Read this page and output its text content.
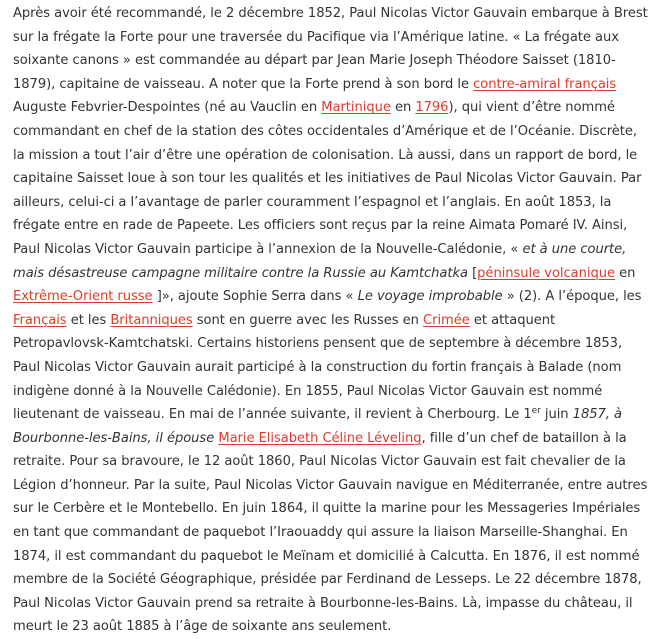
Après avoir été recommandé, le 2 décembre 1852, Paul Nicolas Victor Gauvain embarque à Brest sur la frégate la Forte pour une traversée du Pacifique via l’Amérique latine. « La frégate aux soixante canons » est commandée au départ par Jean Marie Joseph Théodore Saisset (1810-1879), capitaine de vaisseau. A noter que la Forte prend à son bord le contre-amiral français Auguste Febvrier-Despointes (né au Vauclin en Martinique en 1796), qui vient d’être nommé commandant en chef de la station des côtes occidentales d’Amérique et de l’Océanie. Discrète, la mission a tout l’air d’être une opération de colonisation. Là aussi, dans un rapport de bord, le capitaine Saisset loue à son tour les qualités et les initiatives de Paul Nicolas Victor Gauvain. Par ailleurs, celui-ci a l’avantage de parler couramment l’espagnol et l’anglais. En août 1853, la frégate entre en rade de Papeete. Les officiers sont reçus par la reine Aimata Pomaré IV. Ainsi, Paul Nicolas Victor Gauvain participe à l’annexion de la Nouvelle-Calédonie, « et à une courte, mais désastreuse campagne militaire contre la Russie au Kamtchatka [péninsule volcanique en Extrême-Orient russe ]», ajoute Sophie Serra dans « Le voyage improbable » (2). A l’époque, les Français et les Britanniques sont en guerre avec les Russes en Crimée et attaquent Petropavlovsk-Kamtchatski. Certains historiens pensent que de septembre à décembre 1853, Paul Nicolas Victor Gauvain aurait participé à la construction du fortin français à Balade (nom indigène donné à la Nouvelle Calédonie). En 1855, Paul Nicolas Victor Gauvain est nommé lieutenant de vaisseau. En mai de l’année suivante, il revient à Cherbourg. Le 1er juin 1857, à Bourbonne-les-Bains, il épouse Marie Elisabeth Céline Léveling, fille d’un chef de bataillon à la retraite. Pour sa bravoure, le 12 août 1860, Paul Nicolas Victor Gauvain est fait chevalier de la Légion d’honneur. Par la suite, Paul Nicolas Victor Gauvain navigue en Méditerranée, entre autres sur le Cerbère et le Montebello. En juin 1864, il quitte la marine pour les Messageries Impériales en tant que commandant de paquebot l’Iraouaddy qui assure la liaison Marseille-Shanghai. En 1874, il est commandant du paquebot le Meïnam et domicilié à Calcutta. En 1876, il est nommé membre de la Société Géographique, présidée par Ferdinand de Lesseps. Le 22 décembre 1878, Paul Nicolas Victor Gauvain prend sa retraite à Bourbonne-les-Bains. Là, impasse du château, il meurt le 23 août 1885 à l’âge de soixante ans seulement.
